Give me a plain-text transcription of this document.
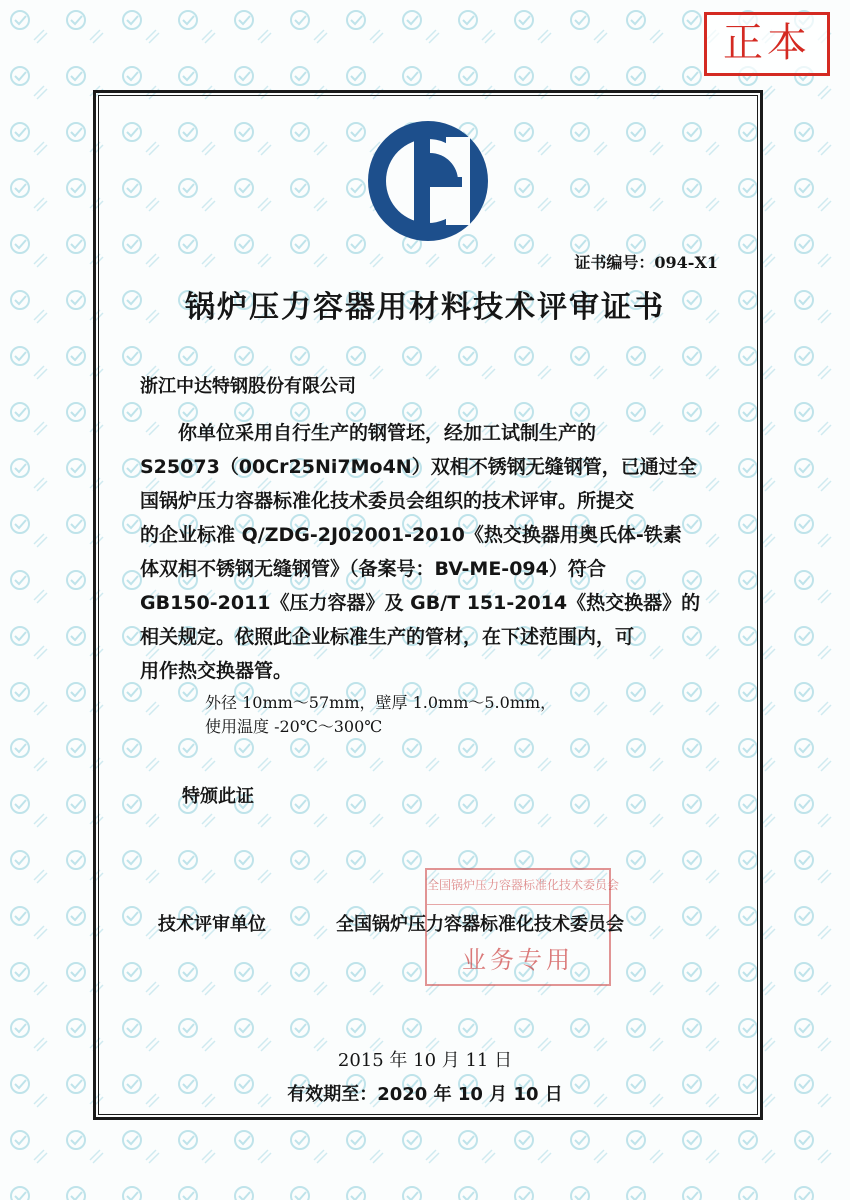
正本
证书编号：094-X1
锅炉压力容器用材料技术评审证书
浙江中达特钢股份有限公司
　　你单位采用自行生产的钢管坯，经加工试制生产的
S25073（00Cr25Ni7Mo4N）双相不锈钢无缝钢管，已通过全
国锅炉压力容器标准化技术委员会组织的技术评审。所提交
的企业标准 Q/ZDG-2J02001-2010《热交换器用奥氏体-铁素
体双相不锈钢无缝钢管》（备案号：BV-ME-094）符合
GB150-2011《压力容器》及 GB/T 151-2014《热交换器》的
相关规定。依照此企业标准生产的管材，在下述范围内，可
用作热交换器管。
外径 10mm～57mm，壁厚 1.0mm～5.0mm，
使用温度 -20℃～300℃
特颁此证
全国锅炉压力容器标准化技术委员会
业务专用
技术评审单位	全国锅炉压力容器标准化技术委员会
2015 年 10 月 11 日
有效期至：2020 年 10 月 10 日
